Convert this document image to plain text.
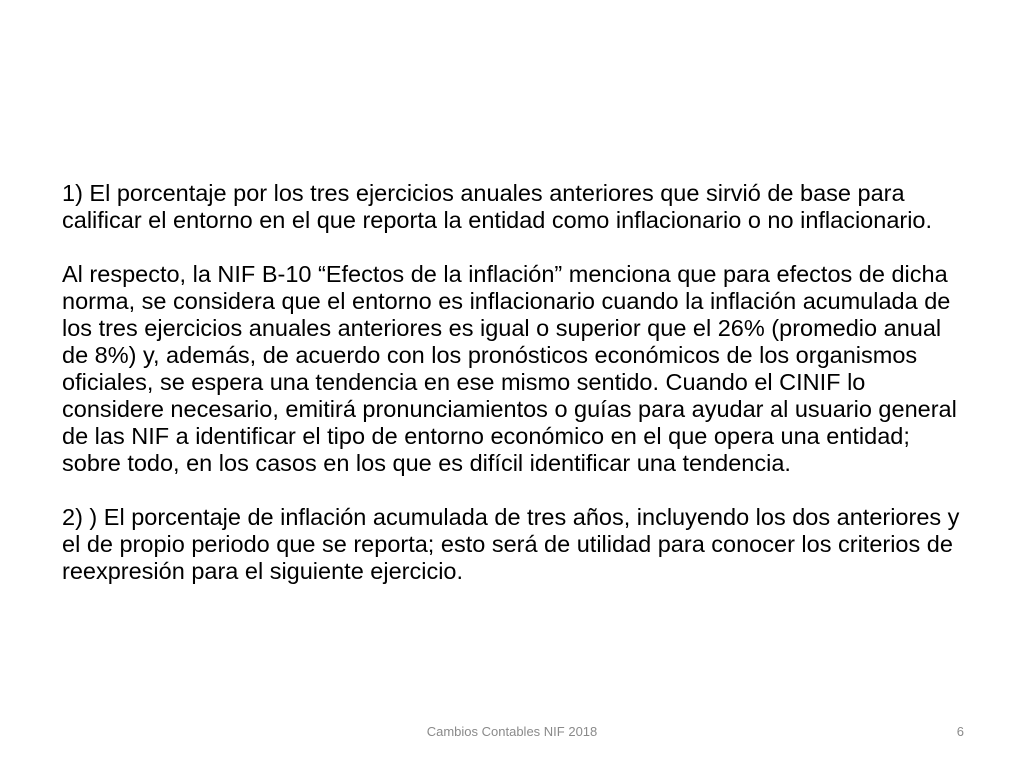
1) El porcentaje por los tres ejercicios anuales anteriores que sirvió de base para calificar el entorno en el que reporta la entidad como inflacionario o no inflacionario.

Al respecto, la NIF B-10 “Efectos de la inflación” menciona que para efectos de dicha norma, se considera que el entorno es inflacionario cuando la inflación acumulada de los tres ejercicios anuales anteriores es igual o superior que el 26% (promedio anual de 8%) y, además, de acuerdo con los pronósticos económicos de los organismos oficiales, se espera una tendencia en ese mismo sentido. Cuando el CINIF lo considere necesario, emitirá pronunciamientos o guías para ayudar al usuario general de las NIF a identificar el tipo de entorno económico en el que opera una entidad; sobre todo, en los casos en los que es difícil identificar una tendencia.

2) ) El porcentaje de inflación acumulada de tres años, incluyendo los dos anteriores y el de propio periodo que se reporta; esto será de utilidad para conocer los criterios de reexpresión para el siguiente ejercicio.

Cambios Contables NIF 2018	6
